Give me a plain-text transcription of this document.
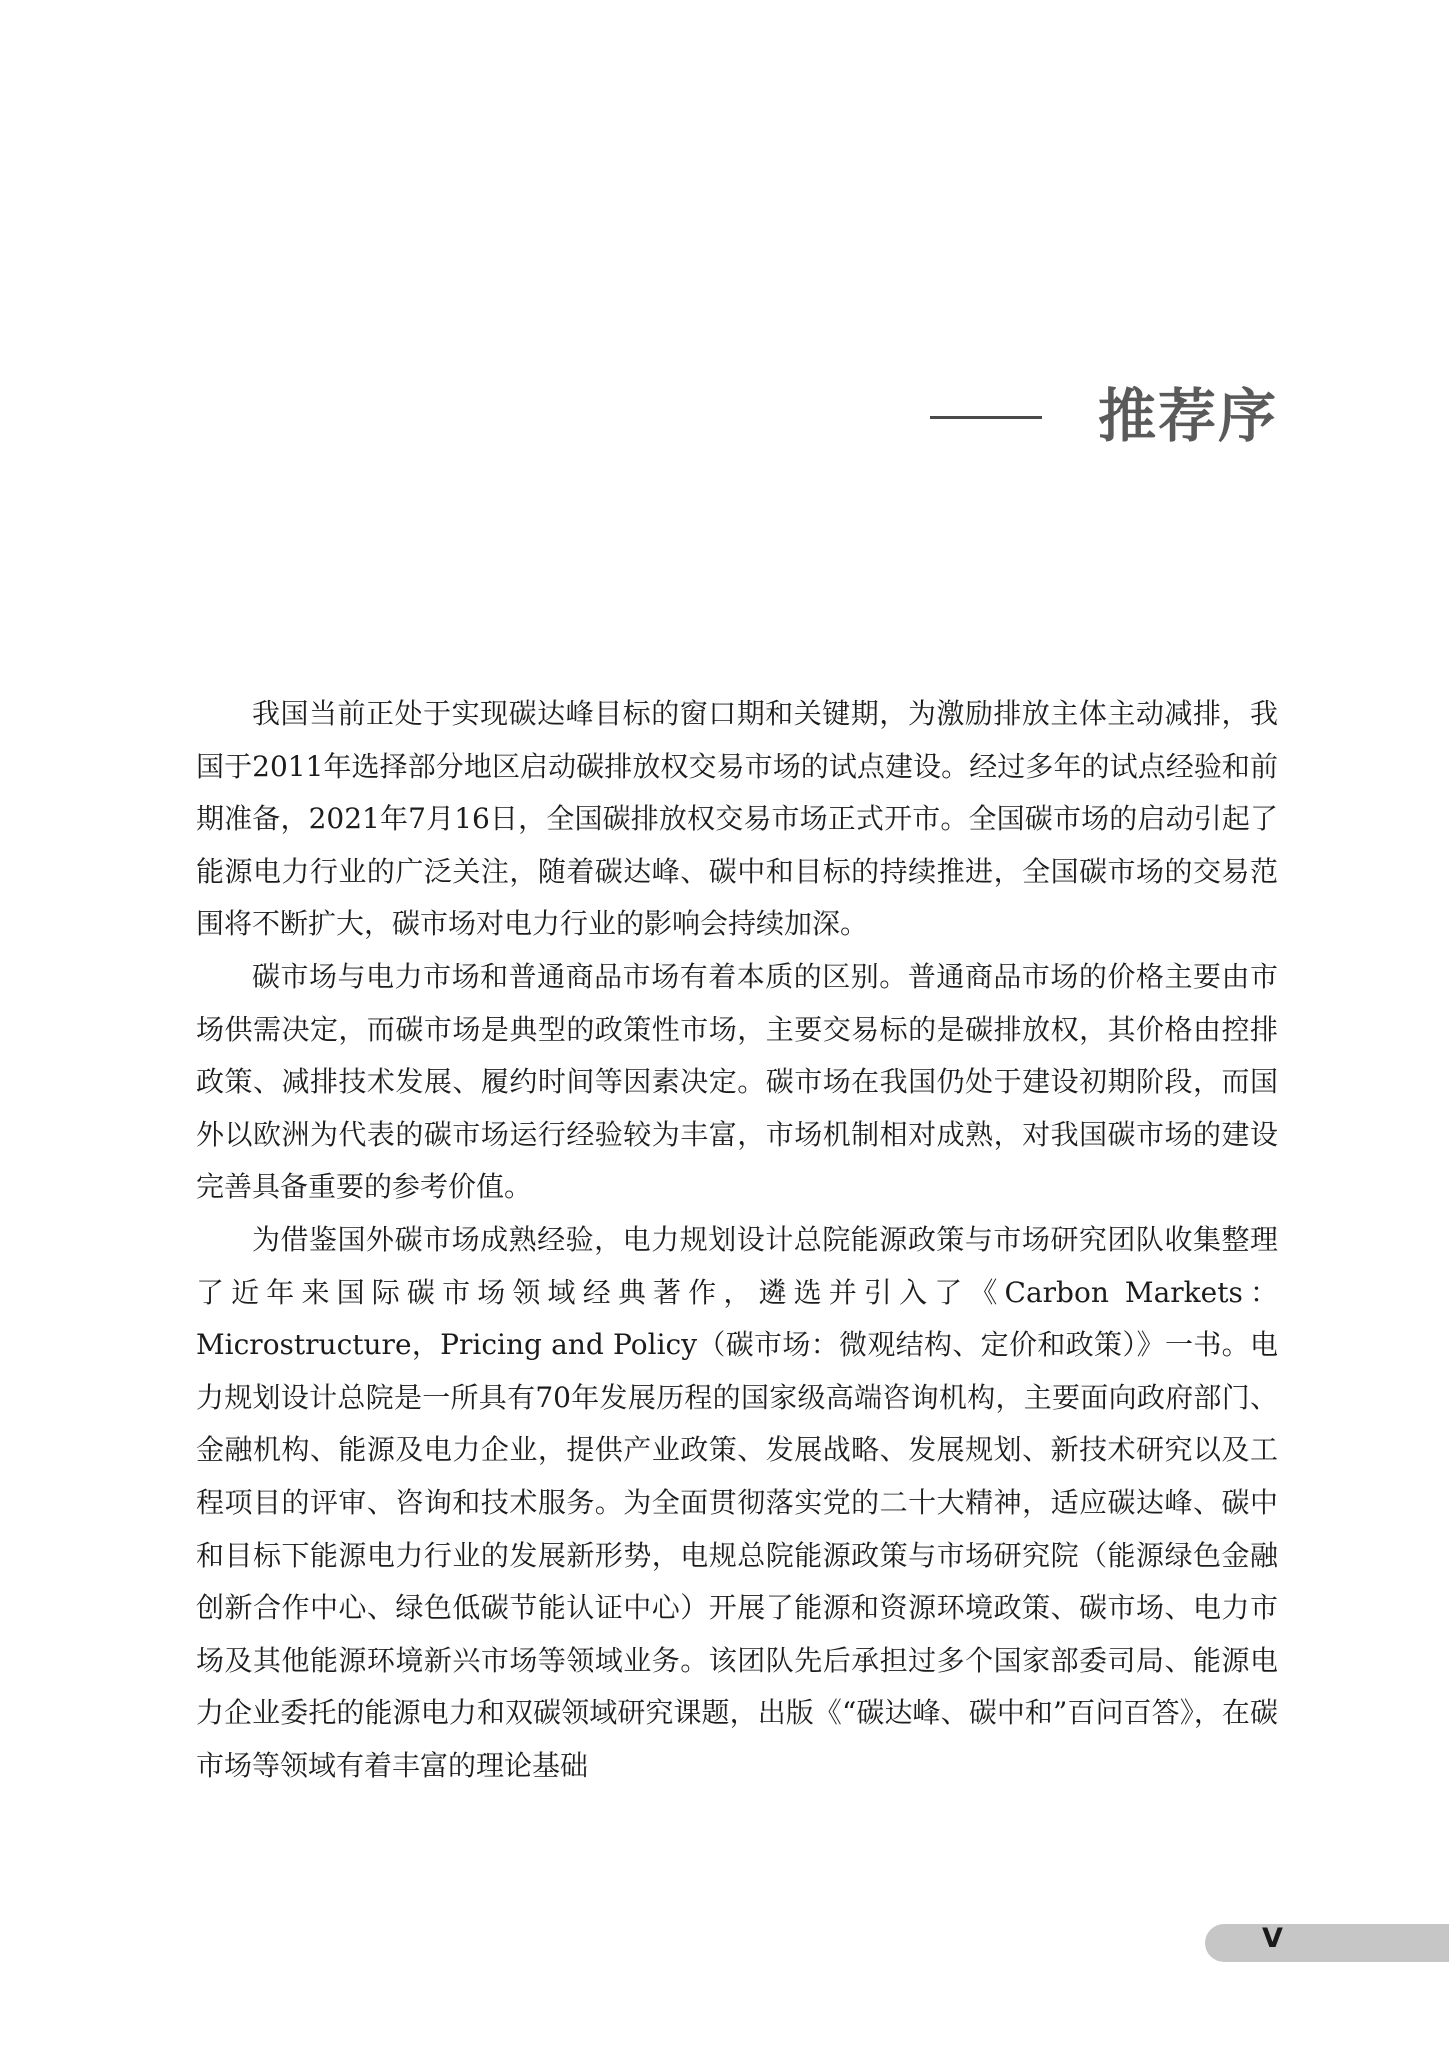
推荐序

我国当前正处于实现碳达峰目标的窗口期和关键期，为激励排放主体主动减排，我国于2011年选择部分地区启动碳排放权交易市场的试点建设。经过多年的试点经验和前期准备，2021年7月16日，全国碳排放权交易市场正式开市。全国碳市场的启动引起了能源电力行业的广泛关注，随着碳达峰、碳中和目标的持续推进，全国碳市场的交易范围将不断扩大，碳市场对电力行业的影响会持续加深。

碳市场与电力市场和普通商品市场有着本质的区别。普通商品市场的价格主要由市场供需决定，而碳市场是典型的政策性市场，主要交易标的是碳排放权，其价格由控排政策、减排技术发展、履约时间等因素决定。碳市场在我国仍处于建设初期阶段，而国外以欧洲为代表的碳市场运行经验较为丰富，市场机制相对成熟，对我国碳市场的建设完善具备重要的参考价值。

为借鉴国外碳市场成熟经验，电力规划设计总院能源政策与市场研究团队收集整理了近年来国际碳市场领域经典著作，遴选并引入了《Carbon Markets：Microstructure，Pricing and Policy（碳市场：微观结构、定价和政策）》一书。电力规划设计总院是一所具有70年发展历程的国家级高端咨询机构，主要面向政府部门、金融机构、能源及电力企业，提供产业政策、发展战略、发展规划、新技术研究以及工程项目的评审、咨询和技术服务。为全面贯彻落实党的二十大精神，适应碳达峰、碳中和目标下能源电力行业的发展新形势，电规总院能源政策与市场研究院（能源绿色金融创新合作中心、绿色低碳节能认证中心）开展了能源和资源环境政策、碳市场、电力市场及其他能源环境新兴市场等领域业务。该团队先后承担过多个国家部委司局、能源电力企业委托的能源电力和双碳领域研究课题，出版《“碳达峰、碳中和”百问百答》，在碳市场等领域有着丰富的理论基础

V
